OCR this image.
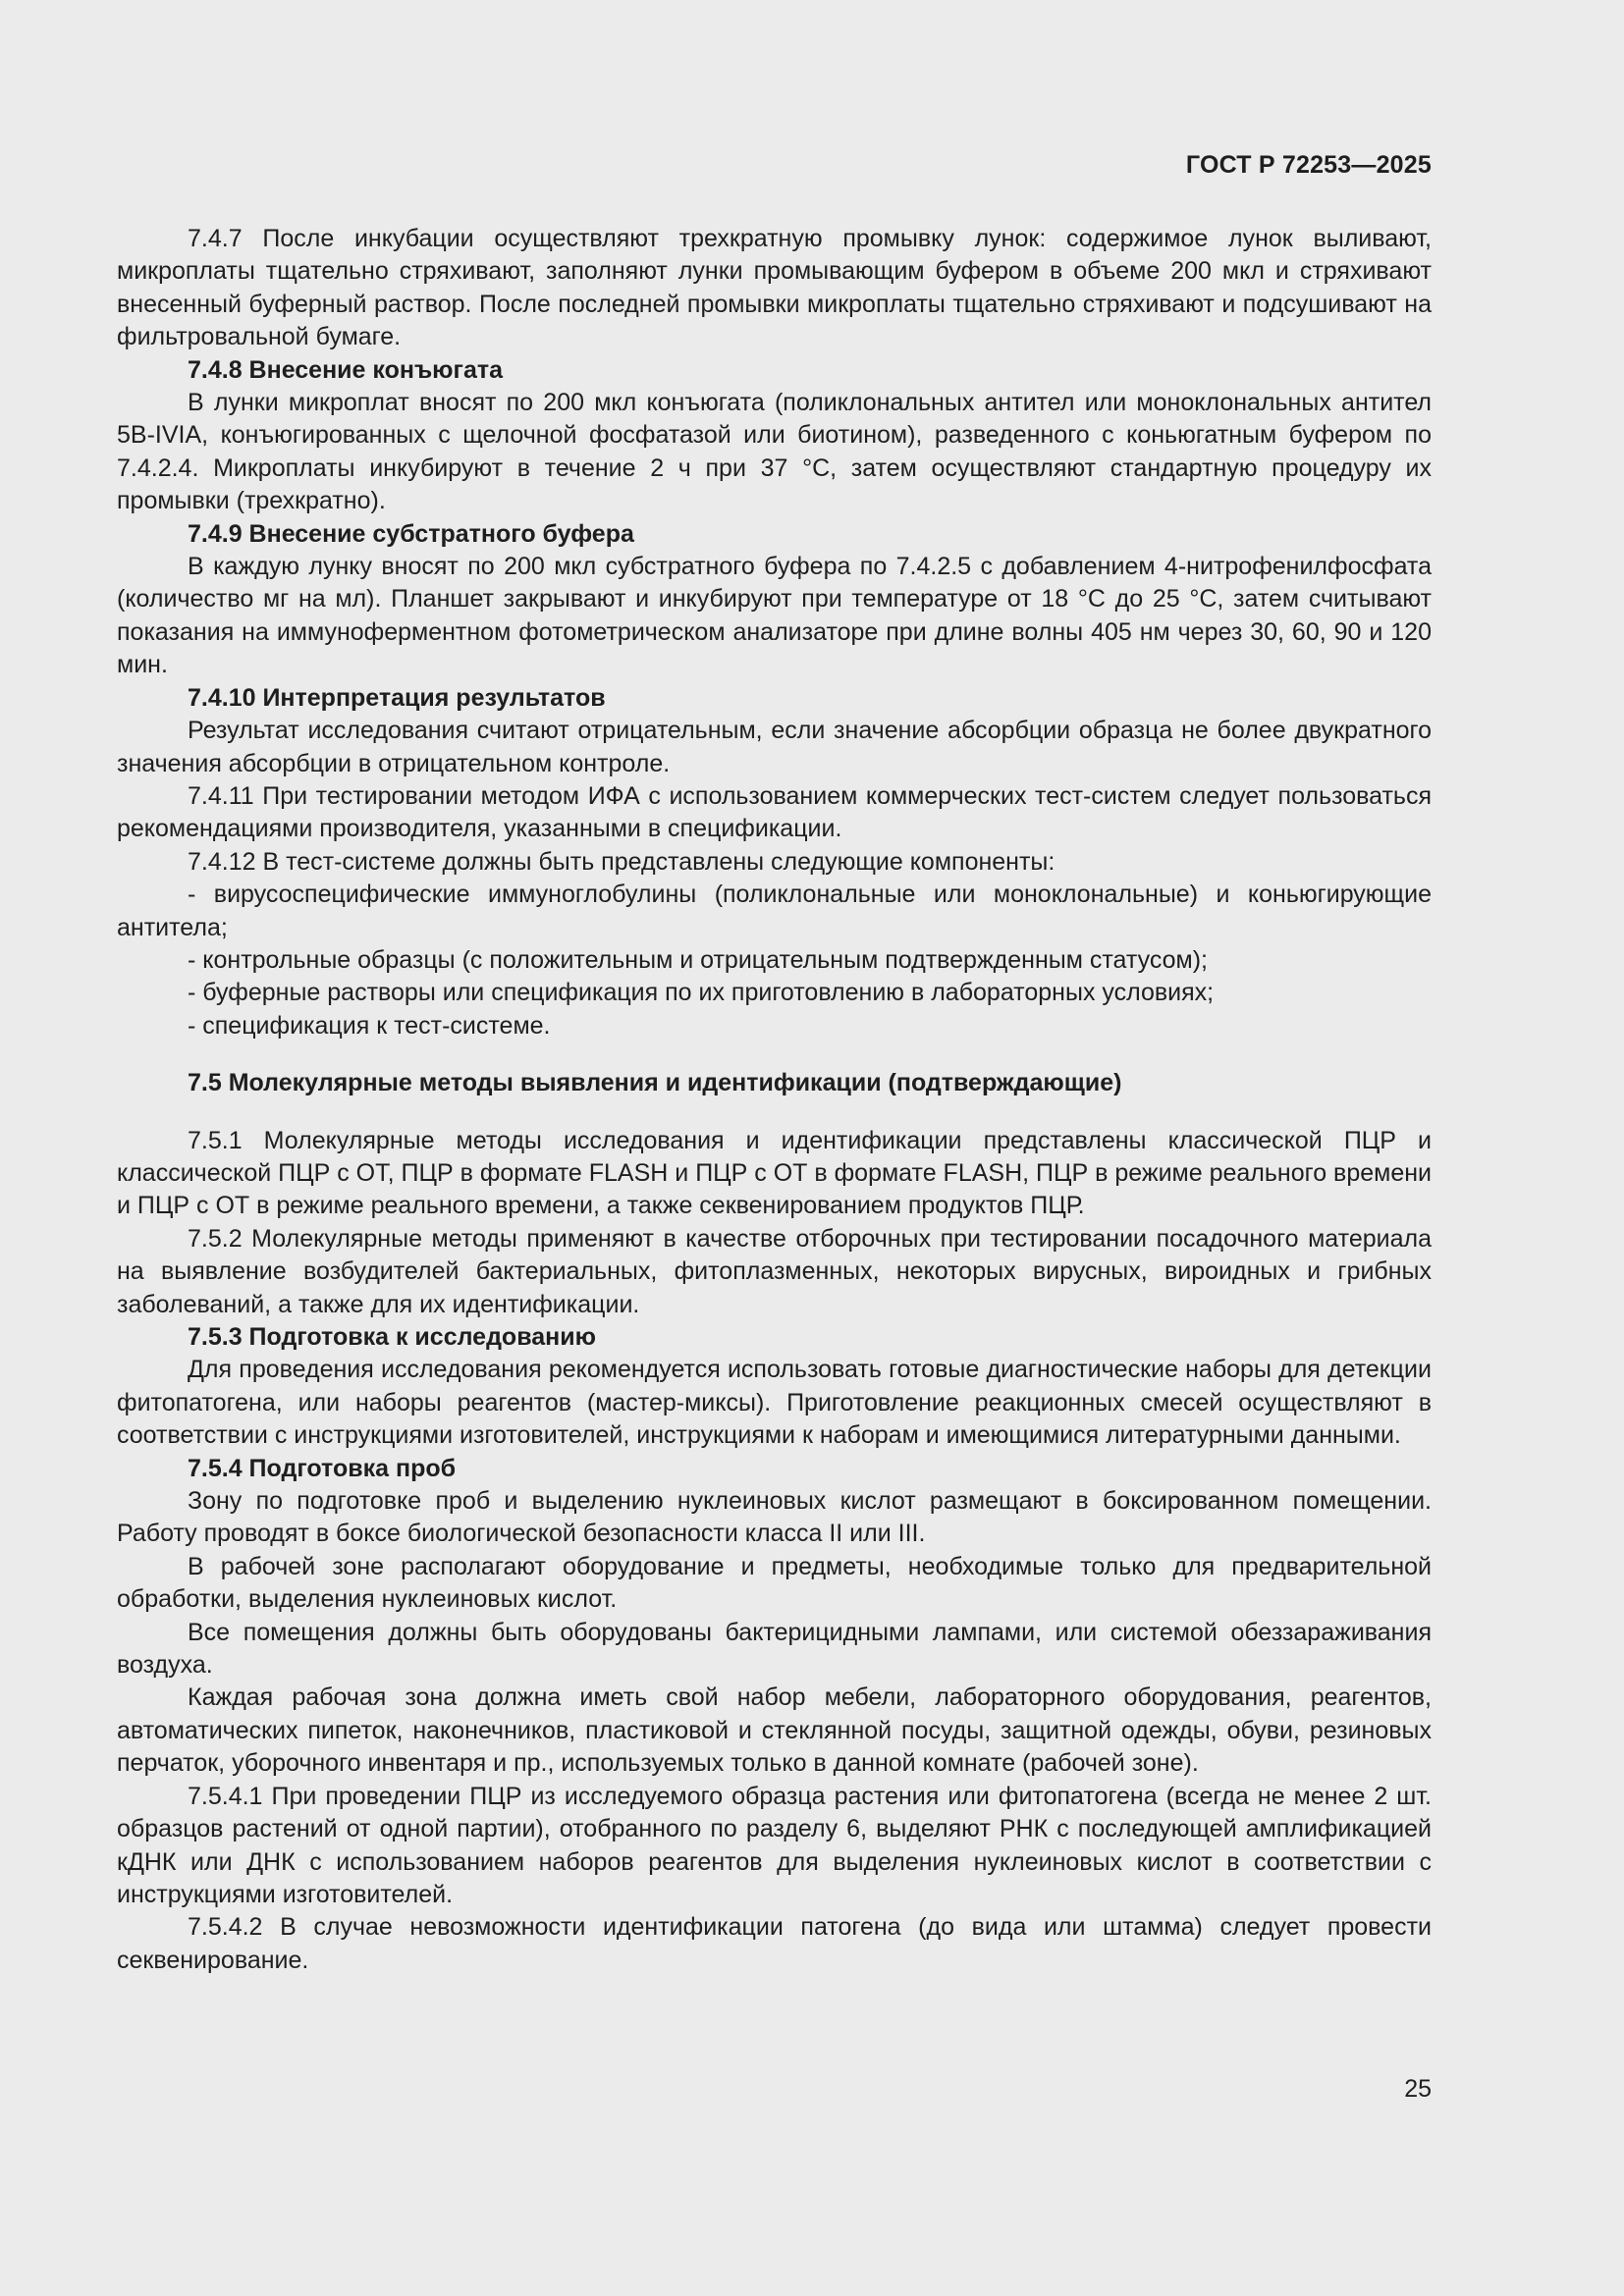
ГОСТ Р 72253—2025

7.4.7 После инкубации осуществляют трехкратную промывку лунок: содержимое лунок выливают, микроплаты тщательно стряхивают, заполняют лунки промывающим буфером в объеме 200 мкл и стряхивают внесенный буферный раствор. После последней промывки микроплаты тщательно стряхивают и подсушивают на фильтровальной бумаге.

7.4.8 Внесение конъюгата

В лунки микроплат вносят по 200 мкл конъюгата (поликлональных антител или моноклональных антител 5B-IVIA, конъюгированных с щелочной фосфатазой или биотином), разведенного с коньюгатным буфером по 7.4.2.4. Микроплаты инкубируют в течение 2 ч при 37 °С, затем осуществляют стандартную процедуру их промывки (трехкратно).

7.4.9 Внесение субстратного буфера

В каждую лунку вносят по 200 мкл субстратного буфера по 7.4.2.5 с добавлением 4-нитрофенилфосфата (количество мг на мл). Планшет закрывают и инкубируют при температуре от 18 °С до 25 °С, затем считывают показания на иммуноферментном фотометрическом анализаторе при длине волны 405 нм через 30, 60, 90 и 120 мин.

7.4.10 Интерпретация результатов

Результат исследования считают отрицательным, если значение абсорбции образца не более двукратного значения абсорбции в отрицательном контроле.

7.4.11 При тестировании методом ИФА с использованием коммерческих тест-систем следует пользоваться рекомендациями производителя, указанными в спецификации.

7.4.12 В тест-системе должны быть представлены следующие компоненты:

- вирусоспецифические иммуноглобулины (поликлональные или моноклональные) и коньюгирующие антитела;

- контрольные образцы (с положительным и отрицательным подтвержденным статусом);

- буферные растворы или спецификация по их приготовлению в лабораторных условиях;

- спецификация к тест-системе.

7.5 Молекулярные методы выявления и идентификации (подтверждающие)

7.5.1 Молекулярные методы исследования и идентификации представлены классической ПЦР и классической ПЦР с ОТ, ПЦР в формате FLASH и ПЦР с ОТ в формате FLASH, ПЦР в режиме реального времени и ПЦР с ОТ в режиме реального времени, а также секвенированием продуктов ПЦР.

7.5.2 Молекулярные методы применяют в качестве отборочных при тестировании посадочного материала на выявление возбудителей бактериальных, фитоплазменных, некоторых вирусных, вироидных и грибных заболеваний, а также для их идентификации.

7.5.3 Подготовка к исследованию

Для проведения исследования рекомендуется использовать готовые диагностические наборы для детекции фитопатогена, или наборы реагентов (мастер-миксы). Приготовление реакционных смесей осуществляют в соответствии с инструкциями изготовителей, инструкциями к наборам и имеющимися литературными данными.

7.5.4 Подготовка проб

Зону по подготовке проб и выделению нуклеиновых кислот размещают в боксированном помещении. Работу проводят в боксе биологической безопасности класса II или III.

В рабочей зоне располагают оборудование и предметы, необходимые только для предварительной обработки, выделения нуклеиновых кислот.

Все помещения должны быть оборудованы бактерицидными лампами, или системой обеззараживания воздуха.

Каждая рабочая зона должна иметь свой набор мебели, лабораторного оборудования, реагентов, автоматических пипеток, наконечников, пластиковой и стеклянной посуды, защитной одежды, обуви, резиновых перчаток, уборочного инвентаря и пр., используемых только в данной комнате (рабочей зоне).

7.5.4.1 При проведении ПЦР из исследуемого образца растения или фитопатогена (всегда не менее 2 шт. образцов растений от одной партии), отобранного по разделу 6, выделяют РНК с последующей амплификацией кДНК или ДНК с использованием наборов реагентов для выделения нуклеиновых кислот в соответствии с инструкциями изготовителей.

7.5.4.2 В случае невозможности идентификации патогена (до вида или штамма) следует провести секвенирование.

25
